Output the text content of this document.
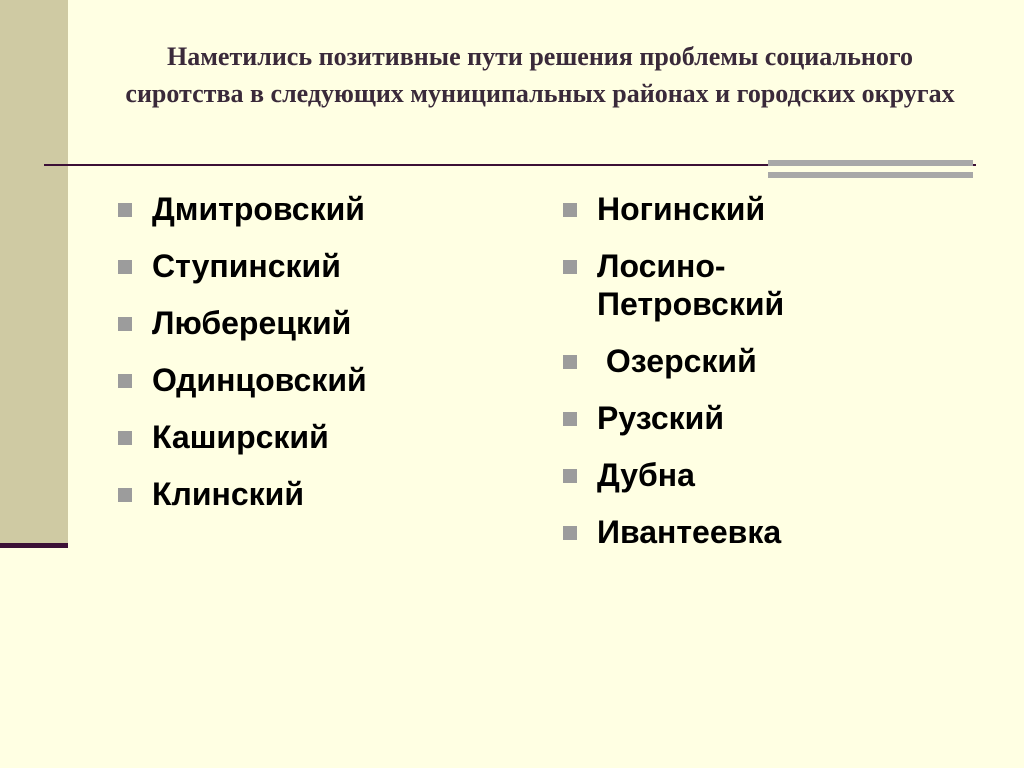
Наметились позитивные пути решения проблемы социального сиротства в следующих муниципальных районах и городских округах
Дмитровский
Ступинский
Люберецкий
Одинцовский
Каширский
Клинский
Ногинский
Лосино-Петровский
Озерский
Рузский
Дубна
Ивантеевка
